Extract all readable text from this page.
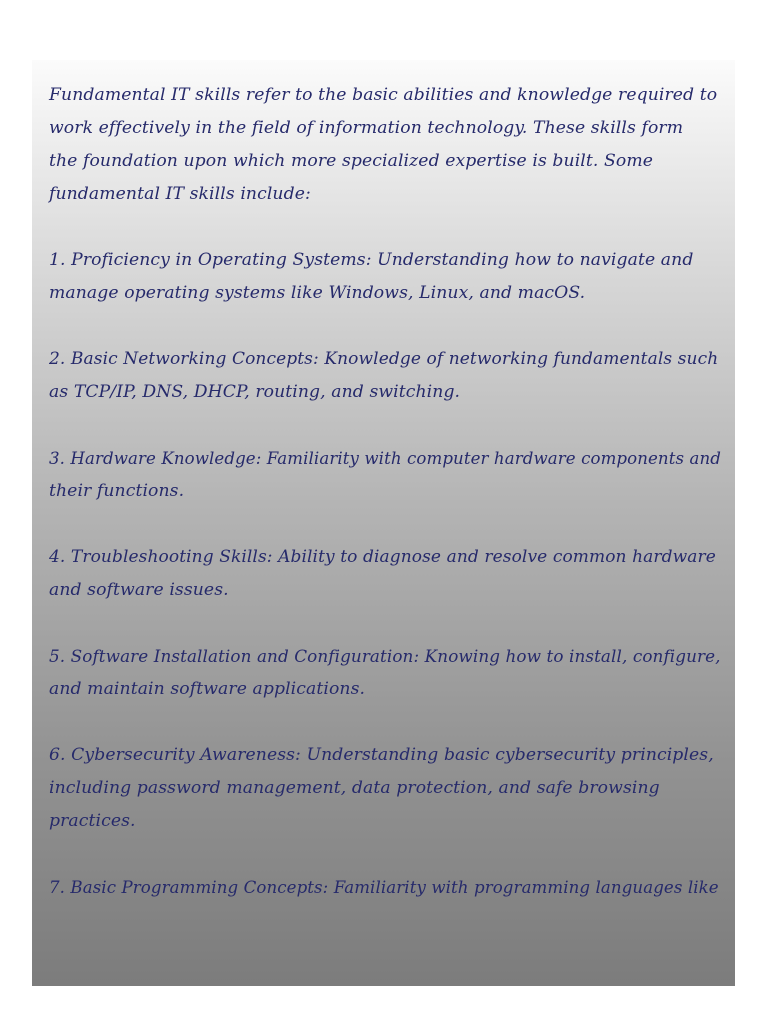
Fundamental IT skills refer to the basic abilities and knowledge required to
work effectively in the field of information technology. These skills form
the foundation upon which more specialized expertise is built. Some
fundamental IT skills include:
1. Proficiency in Operating Systems: Understanding how to navigate and
manage operating systems like Windows, Linux, and macOS.
2. Basic Networking Concepts: Knowledge of networking fundamentals such
as TCP/IP, DNS, DHCP, routing, and switching.
3. Hardware Knowledge: Familiarity with computer hardware components and
their functions.
4. Troubleshooting Skills: Ability to diagnose and resolve common hardware
and software issues.
5. Software Installation and Configuration: Knowing how to install, configure,
and maintain software applications.
6. Cybersecurity Awareness: Understanding basic cybersecurity principles,
including password management, data protection, and safe browsing
practices.
7. Basic Programming Concepts: Familiarity with programming languages like
